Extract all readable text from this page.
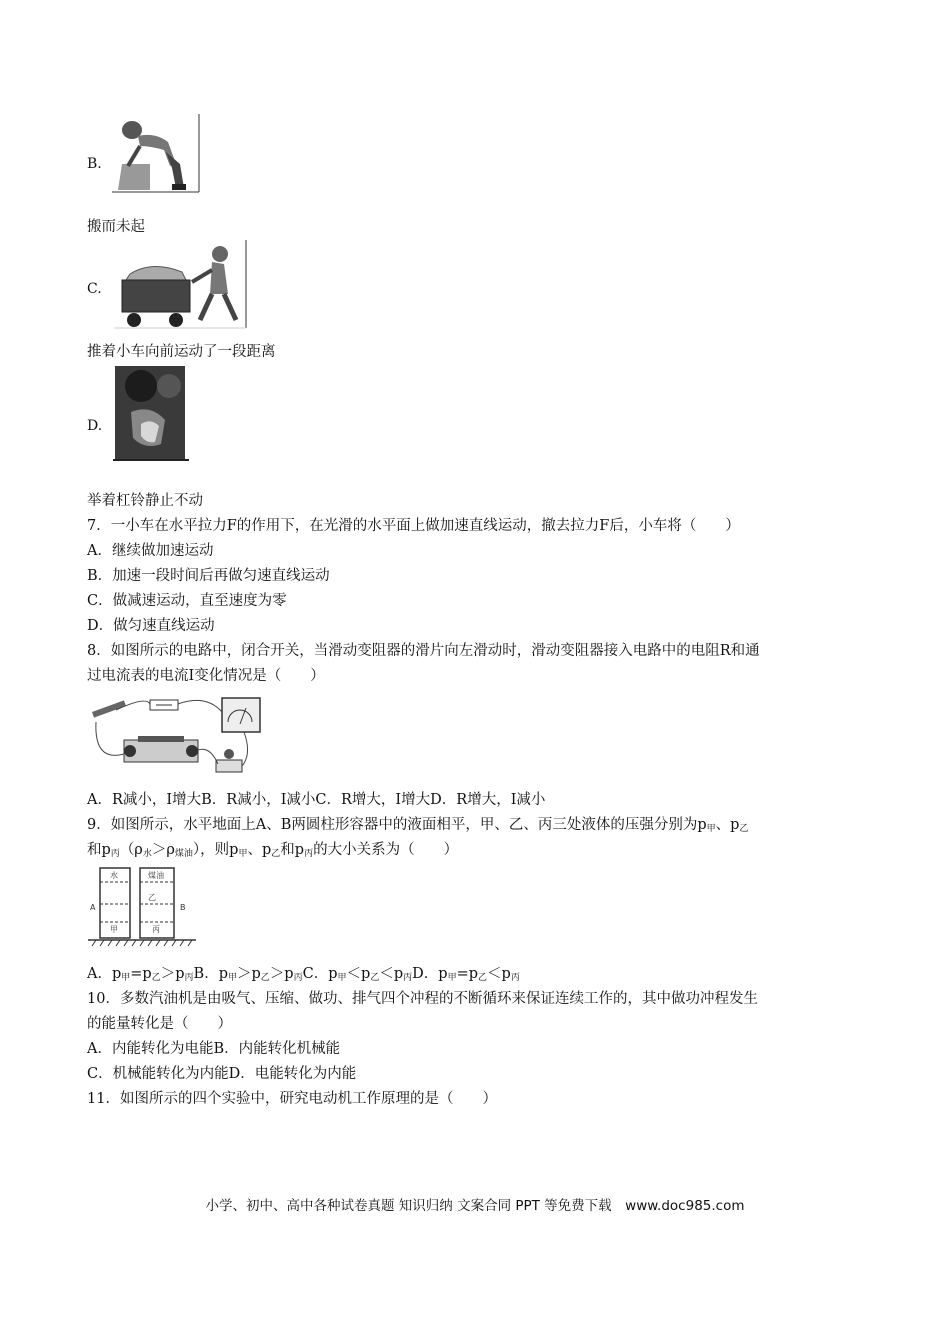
B.
搬而未起
C.
推着小车向前运动了一段距离
D.
举着杠铃静止不动
7．一小车在水平拉力F的作用下，在光滑的水平面上做加速直线运动，撤去拉力F后，小车将（　　）
A．继续做加速运动
B．加速一段时间后再做匀速直线运动
C．做减速运动，直至速度为零
D．做匀速直线运动
8．如图所示的电路中，闭合开关，当滑动变阻器的滑片向左滑动时，滑动变阻器接入电路中的电阻R和通
过电流表的电流I变化情况是（　　）
A．R减小，I增大B．R减小，I减小C．R增大，I增大D．R增大，I减小
9．如图所示，水平地面上A、B两圆柱形容器中的液面相平，甲、乙、丙三处液体的压强分别为$p_甲$、$p_乙$
和$p_丙(\rho_水>\rho_{煤油})$，则$p_甲$、$p_乙$和$p_丙$的大小关系为（　　）
水	煤油
A	B
甲
乙
丙
A．$p_甲=p_乙>p_丙B$．$p_甲>p_乙>p_丙C$．$p_甲<p_乙<p_丙D$．$p_甲=p_乙<p_丙$
10．多数汽油机是由吸气、压缩、做功、排气四个冲程的不断循环来保证连续工作的，其中做功冲程发生
的能量转化是（　　）
A．内能转化为电能B．内能转化机械能
C．机械能转化为内能D．电能转化为内能
11．如图所示的四个实验中，研究电动机工作原理的是（　　）
小学、初中、高中各种试卷真题 知识归纳 文案合同 PPT 等免费下载　www.doc985.com
